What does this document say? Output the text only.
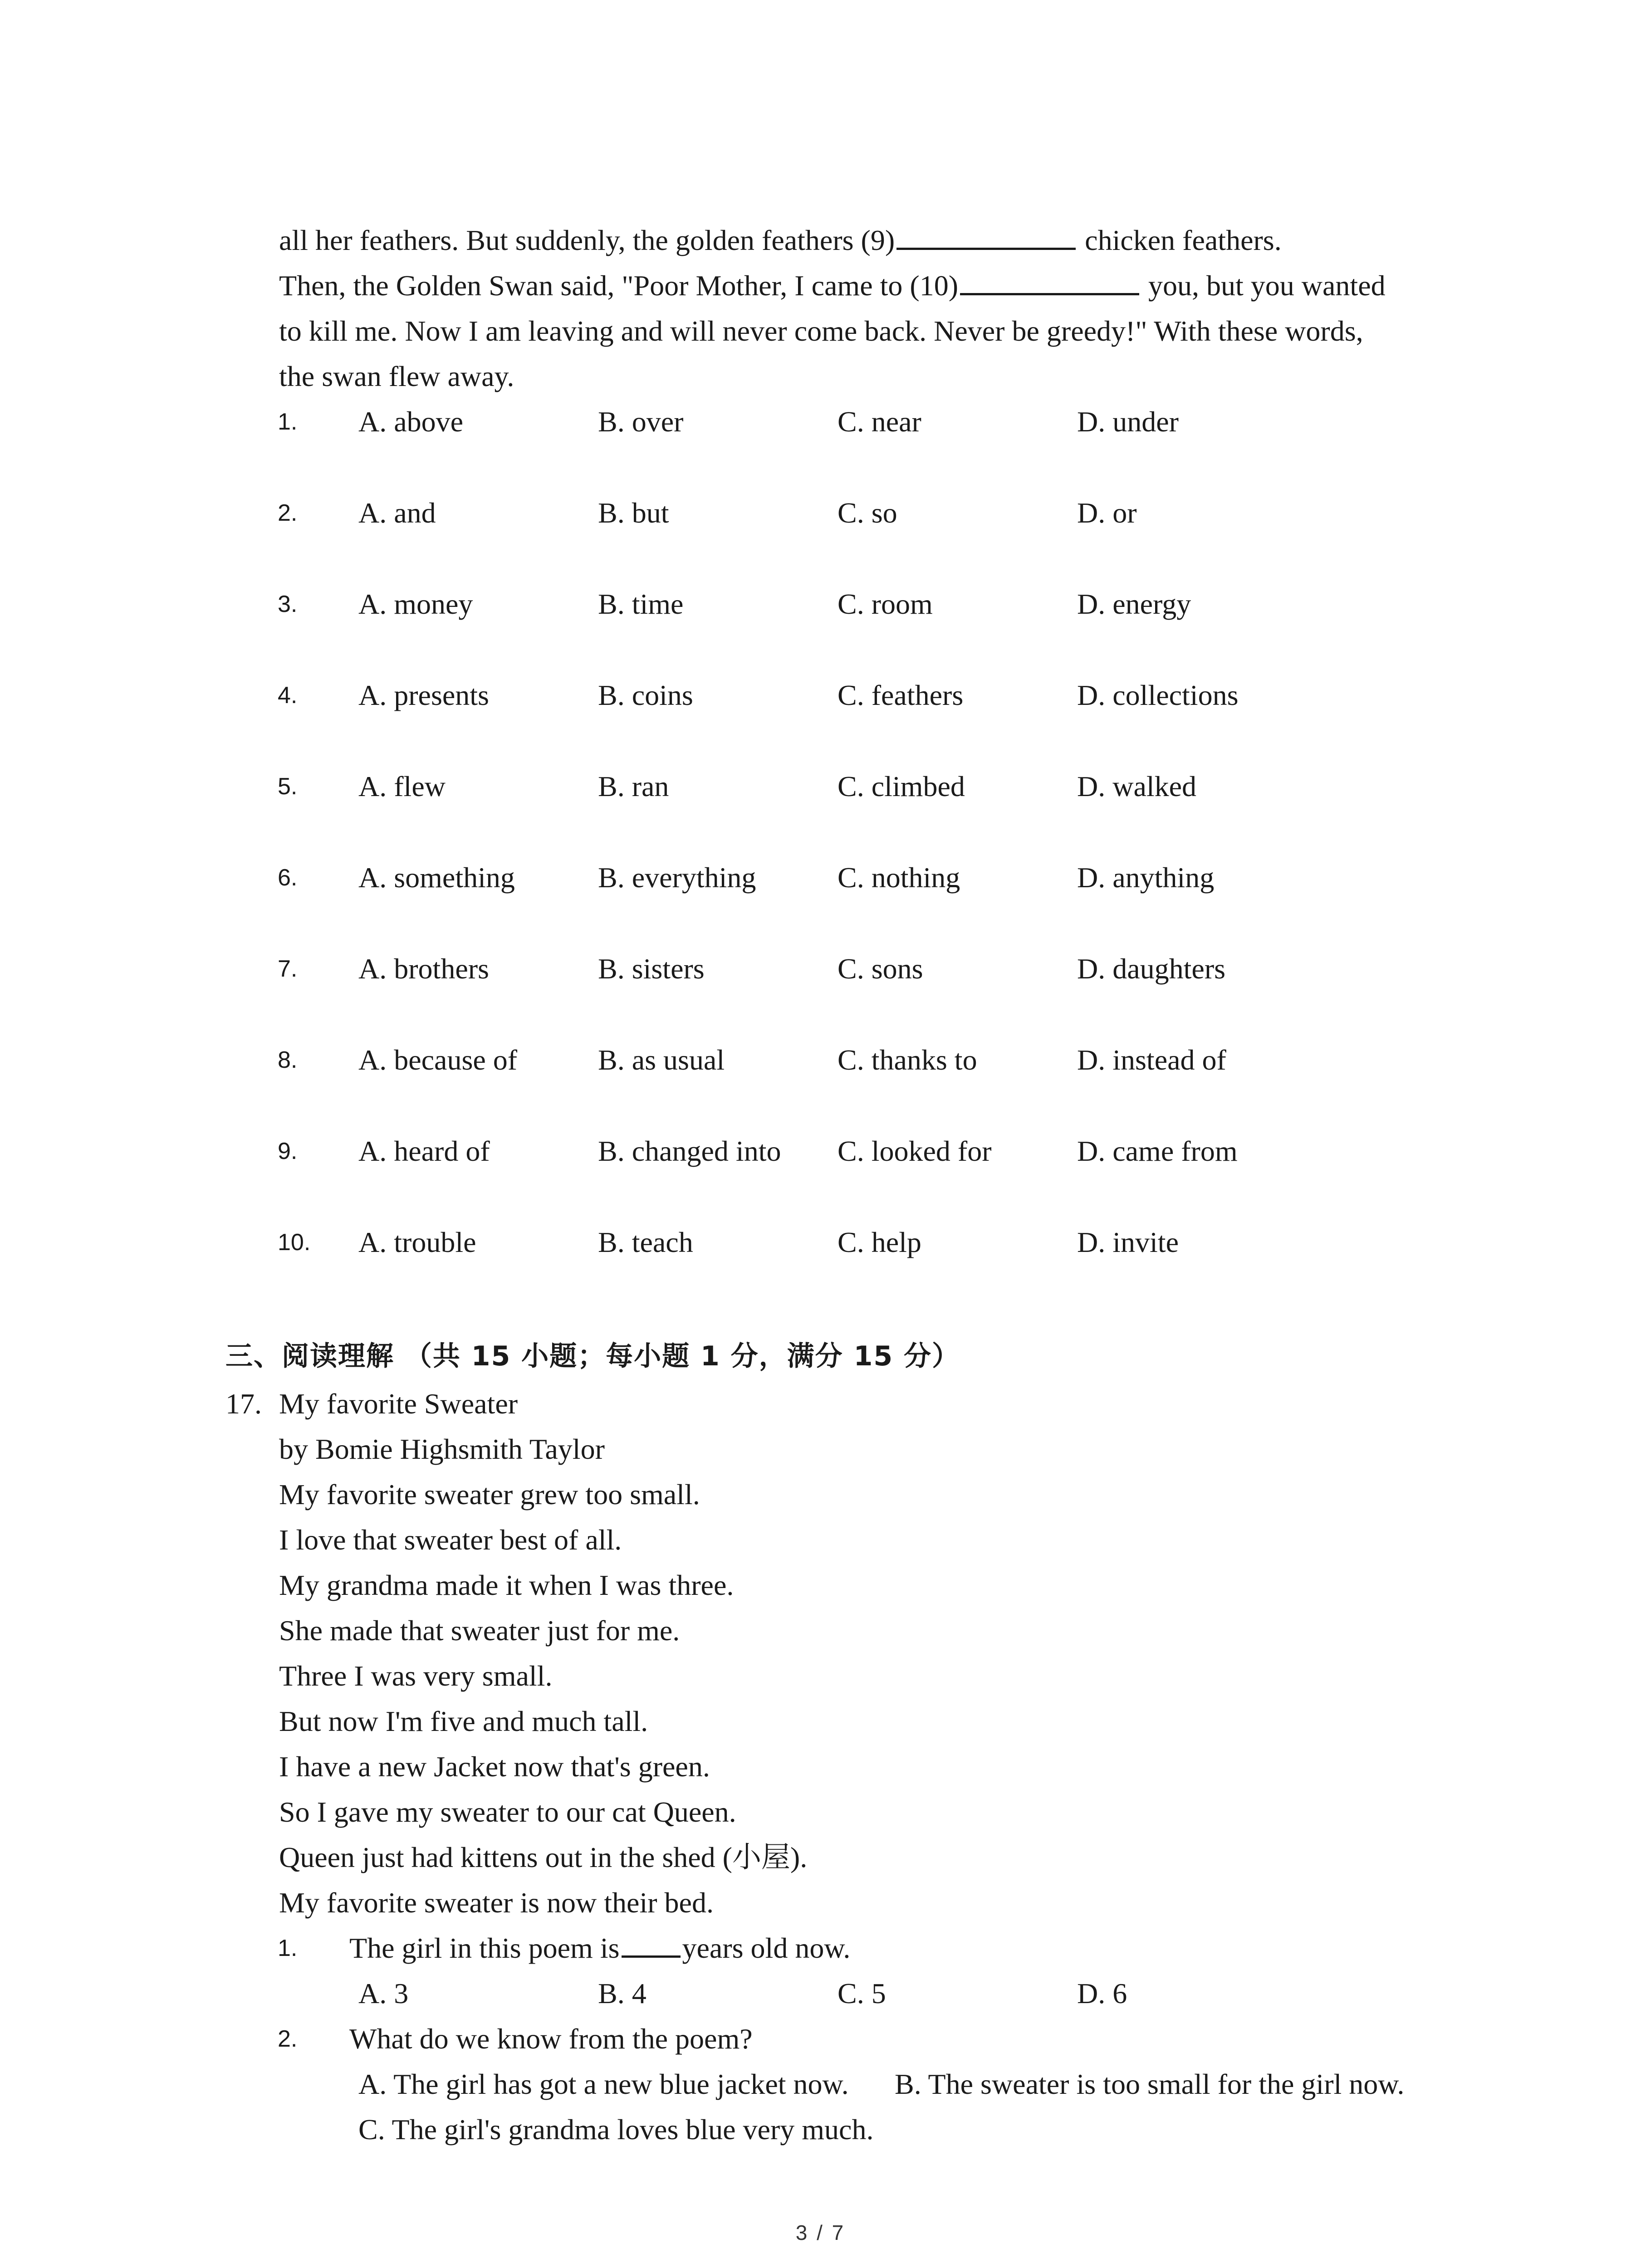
all her feathers. But suddenly, the golden feathers (9)	chicken feathers.
Then, the Golden Swan said, "Poor Mother, I came to (10)	you, but you wanted
to kill me. Now I am leaving and will never come back. Never be greedy!" With these words,
the swan flew away.
1. A. above	B. over	C. near	D. under
2. A. and	B. but	C. so	D. or
3. A. money	B. time	C. room	D. energy
4. A. presents	B. coins	C. feathers	D. collections
5. A. flew	B. ran	C. climbed	D. walked
6. A. something	B. everything	C. nothing	D. anything
7. A. brothers	B. sisters	C. sons	D. daughters
8. A. because of	B. as usual	C. thanks to	D. instead of
9. A. heard of	B. changed into C. looked for	D. came from
10. A. trouble	B. teach	C. help	D. invite
三、阅读理解 （共 15 小题；每小题 1 分，满分 15 分）
17. My favorite Sweater
by Bomie Highsmith Taylor
My favorite sweater grew too small.
I love that sweater best of all.
My grandma made it when I was three.
She made that sweater just for me.
Three I was very small.
But now I'm five and much tall.
I have a new Jacket now that's green.
So I gave my sweater to our cat Queen.
Queen just had kittens out in the shed (小屋).
My favorite sweater is now their bed.
1. The girl in this poem is years old now.
A. 3	B. 4	C. 5	D. 6
2. What do we know from the poem?
A. The girl has got a new blue jacket now. B. The sweater is too small for the girl now.
C. The girl's grandma loves blue very much.
3 / 7
